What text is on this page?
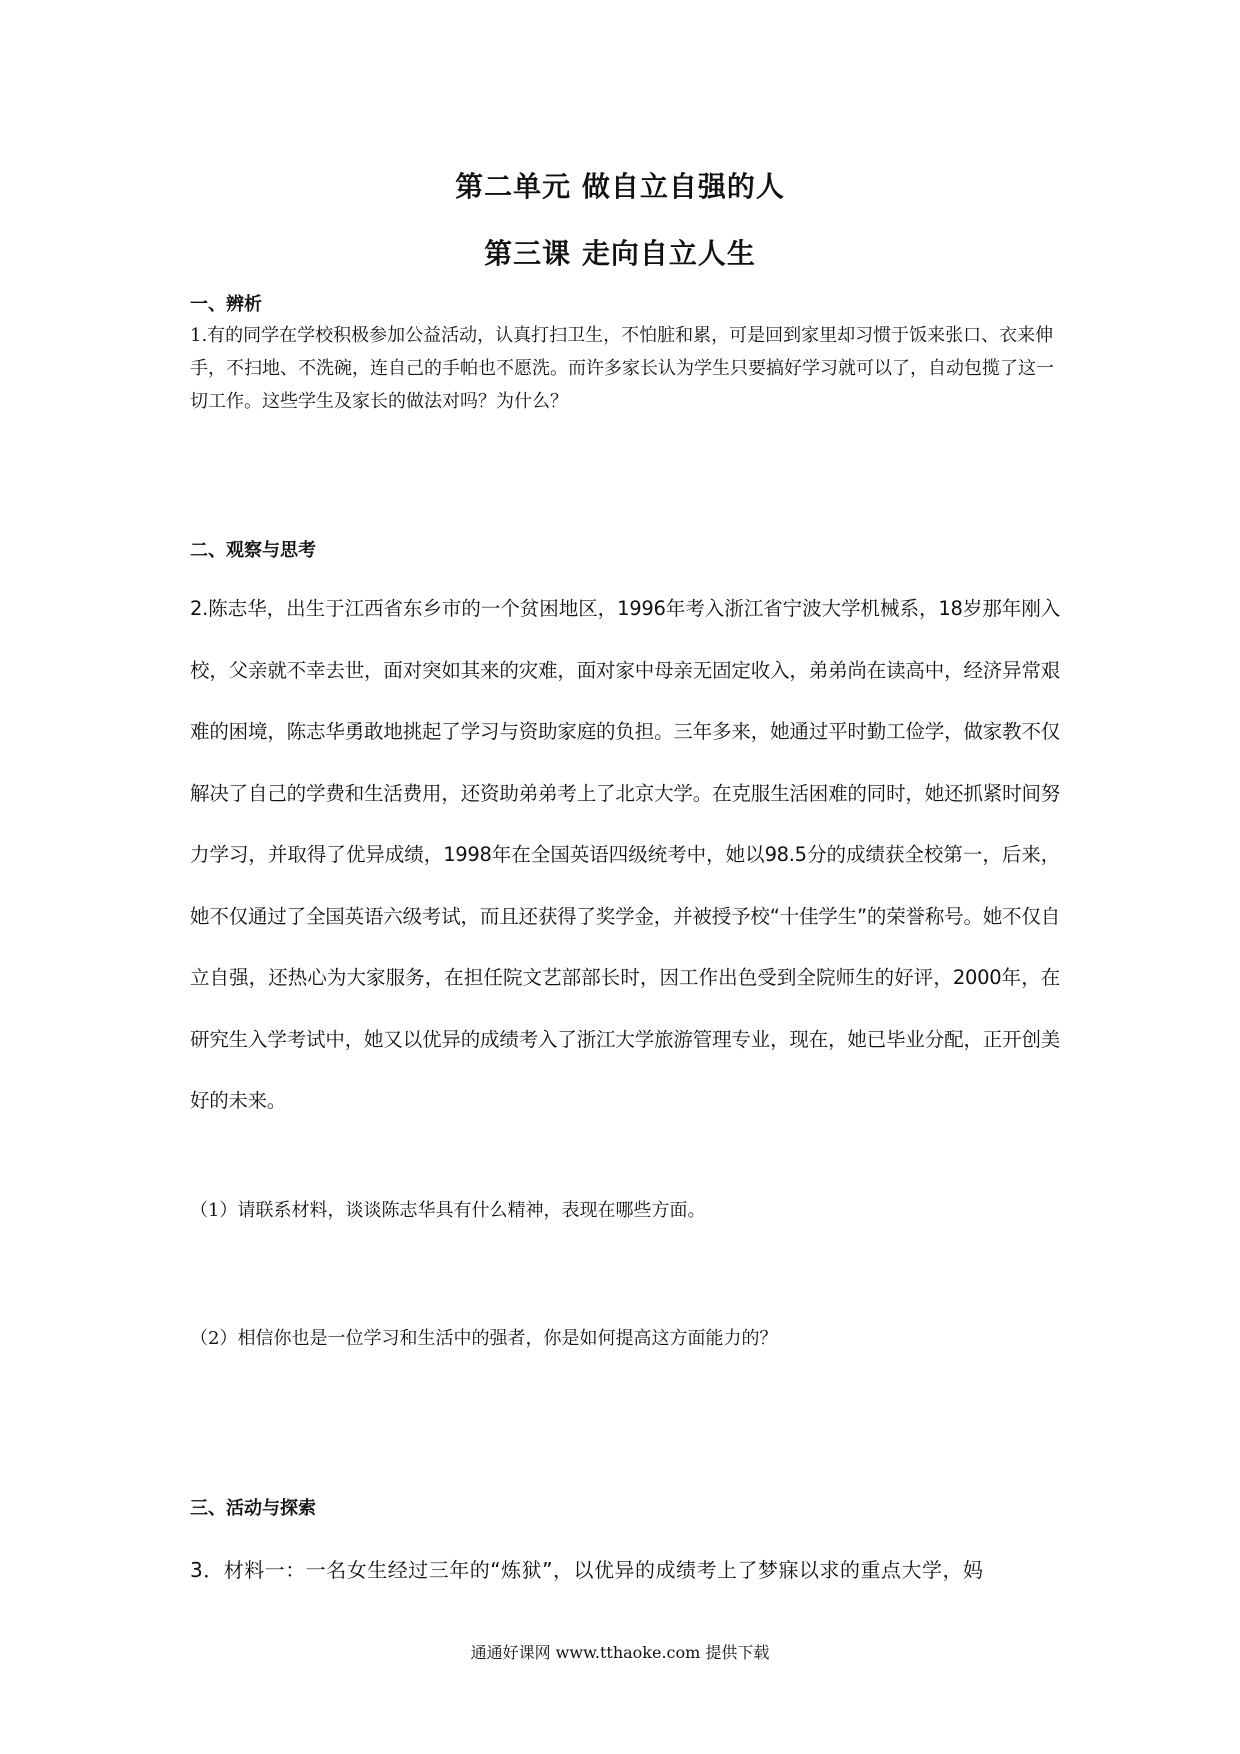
第二单元 做自立自强的人
第三课 走向自立人生
一、辨析
1.有的同学在学校积极参加公益活动，认真打扫卫生，不怕脏和累，可是回到家里却习惯于饭来张口、衣来伸手，不扫地、不洗碗，连自己的手帕也不愿洗。而许多家长认为学生只要搞好学习就可以了，自动包揽了这一切工作。这些学生及家长的做法对吗？为什么？
二、观察与思考
2.陈志华，出生于江西省东乡市的一个贫困地区，1996年考入浙江省宁波大学机械系，18岁那年刚入校，父亲就不幸去世，面对突如其来的灾难，面对家中母亲无固定收入，弟弟尚在读高中，经济异常艰难的困境，陈志华勇敢地挑起了学习与资助家庭的负担。三年多来，她通过平时勤工俭学，做家教不仅解决了自己的学费和生活费用，还资助弟弟考上了北京大学。在克服生活困难的同时，她还抓紧时间努力学习，并取得了优异成绩，1998年在全国英语四级统考中，她以98.5分的成绩获全校第一，后来，她不仅通过了全国英语六级考试，而且还获得了奖学金，并被授予校“十佳学生”的荣誉称号。她不仅自立自强，还热心为大家服务，在担任院文艺部部长时，因工作出色受到全院师生的好评，2000年，在研究生入学考试中，她又以优异的成绩考入了浙江大学旅游管理专业，现在，她已毕业分配，正开创美好的未来。
（1）请联系材料，谈谈陈志华具有什么精神，表现在哪些方面。
（2）相信你也是一位学习和生活中的强者，你是如何提高这方面能力的？
三、活动与探索
3．材料一：一名女生经过三年的“炼狱”，以优异的成绩考上了梦寐以求的重点大学，妈
通通好课网 www.tthaoke.com 提供下载
